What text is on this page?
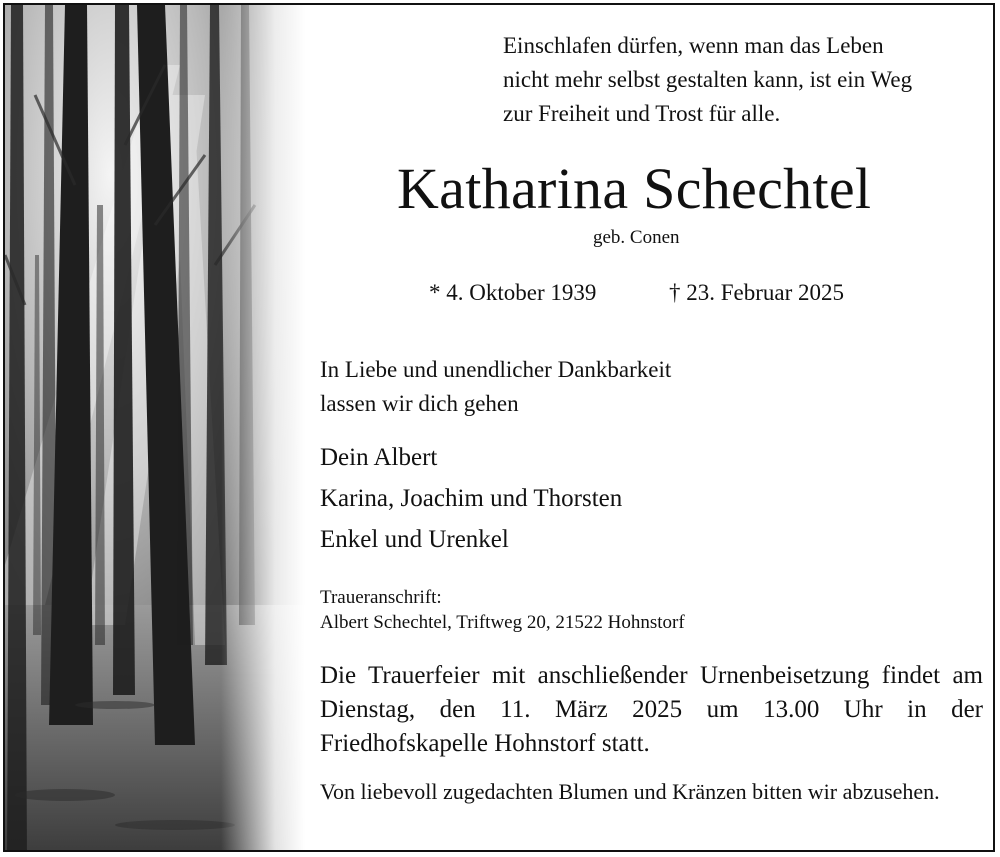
Einschlafen dürfen, wenn man das Leben
nicht mehr selbst gestalten kann, ist ein Weg
zur Freiheit und Trost für alle.
Katharina Schechtel
geb. Conen
* 4. Oktober 1939	† 23. Februar 2025
In Liebe und unendlicher Dankbarkeit
lassen wir dich gehen
Dein Albert
Karina, Joachim und Thorsten
Enkel und Urenkel
Traueranschrift:
Albert Schechtel, Triftweg 20, 21522 Hohnstorf
Die Trauerfeier mit anschließender Urnenbeisetzung findet am Dienstag, den 11. März 2025 um 13.00 Uhr in der Friedhofskapelle Hohnstorf statt.
Von liebevoll zugedachten Blumen und Kränzen bitten wir abzusehen.
